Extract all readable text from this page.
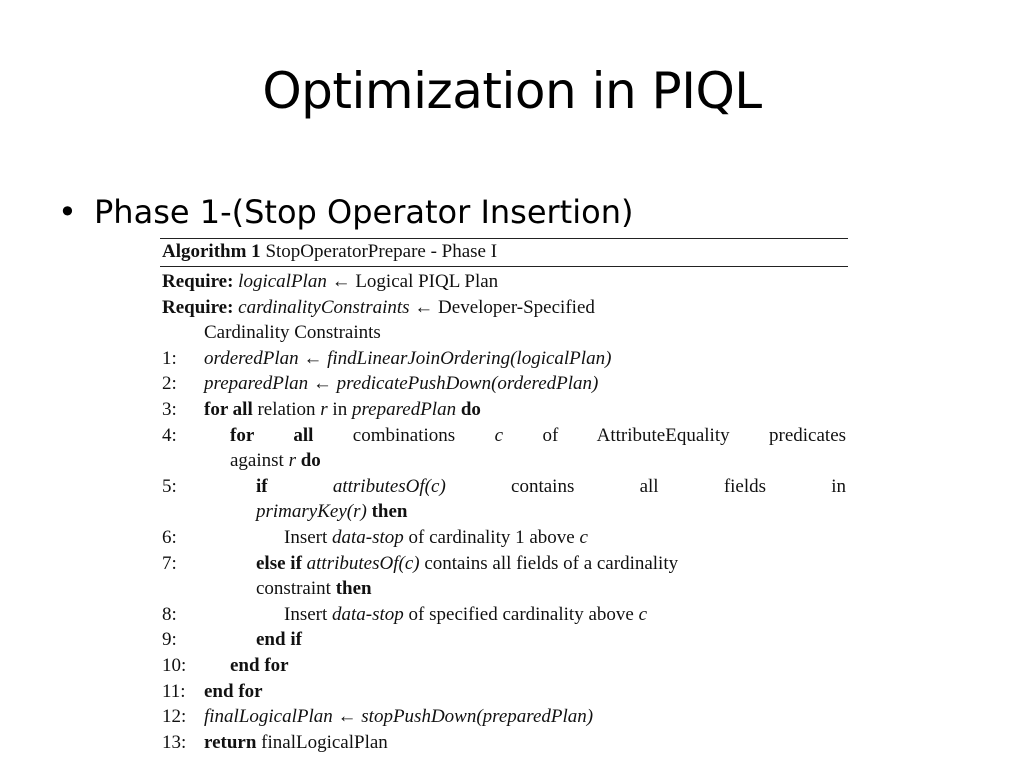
Optimization in PIQL
• Phase 1-(Stop Operator Insertion)
Algorithm 1 StopOperatorPrepare - Phase I
Require: logicalPlan ← Logical PIQL Plan
Require: cardinalityConstraints ← Developer-Specified
Cardinality Constraints
1:	orderedPlan ← findLinearJoinOrdering(logicalPlan)
2:	preparedPlan ← predicatePushDown(orderedPlan)
3:	for all relation r in preparedPlan do
4:	for all combinations c of AttributeEquality predicates
against r do
5:	if	attributesOf(c)	contains	all	fields	in
primaryKey(r) then
6:	Insert data-stop of cardinality 1 above c
7:	else if attributesOf(c) contains all fields of a cardinality
constraint then
8:	Insert data-stop of specified cardinality above c
9:	end if
10:	end for
11: end for
12: finalLogicalPlan ← stopPushDown(preparedPlan)
13: return finalLogicalPlan
